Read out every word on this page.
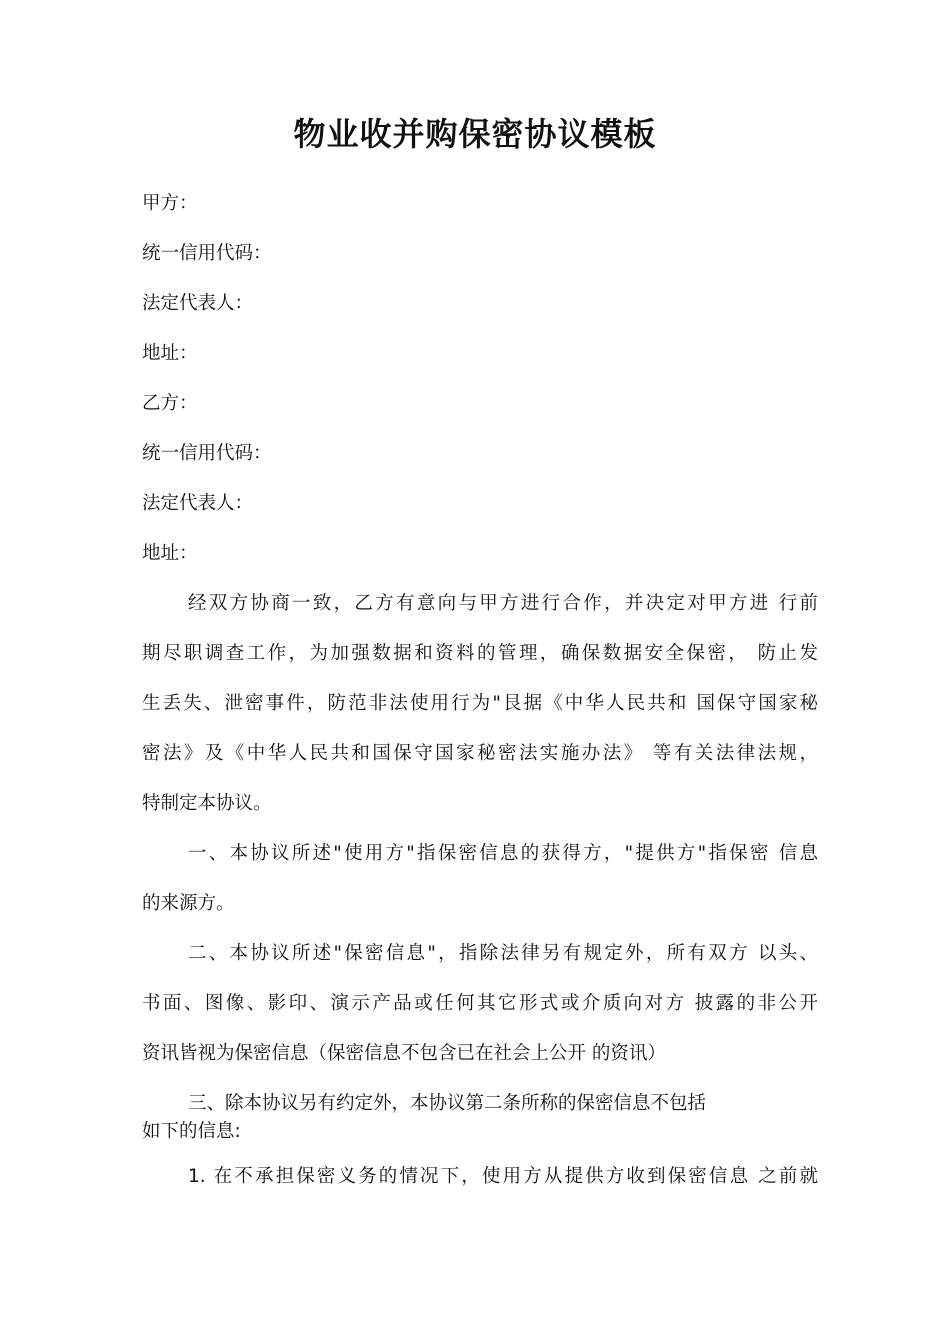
物业收并购保密协议模板
甲方：
统一信用代码：
法定代表人：
地址：
乙方：
统一信用代码：
法定代表人：
地址：
经双方协商一致，乙方有意向与甲方进行合作，并决定对甲方进 行前
期尽职调查工作，为加强数据和资料的管理，确保数据安全保密， 防止发
生丢失、泄密事件，防范非法使用行为"艮据《中华人民共和 国保守国家秘
密法》及《中华人民共和国保守国家秘密法实施办法》 等有关法律法规，
特制定本协议。
一、本协议所述"使用方"指保密信息的获得方，"提供方"指保密 信息
的来源方。
二、本协议所述"保密信息"，指除法律另有规定外，所有双方 以头、
书面、图像、影印、演示产品或任何其它形式或介质向对方 披露的非公开
资讯皆视为保密信息（保密信息不包含已在社会上公开 的资讯）
三、除本协议另有约定外，本协议第二条所称的保密信息不包括
如下的信息:
1. 在不承担保密义务的情况下，使用方从提供方收到保密信息 之前就
